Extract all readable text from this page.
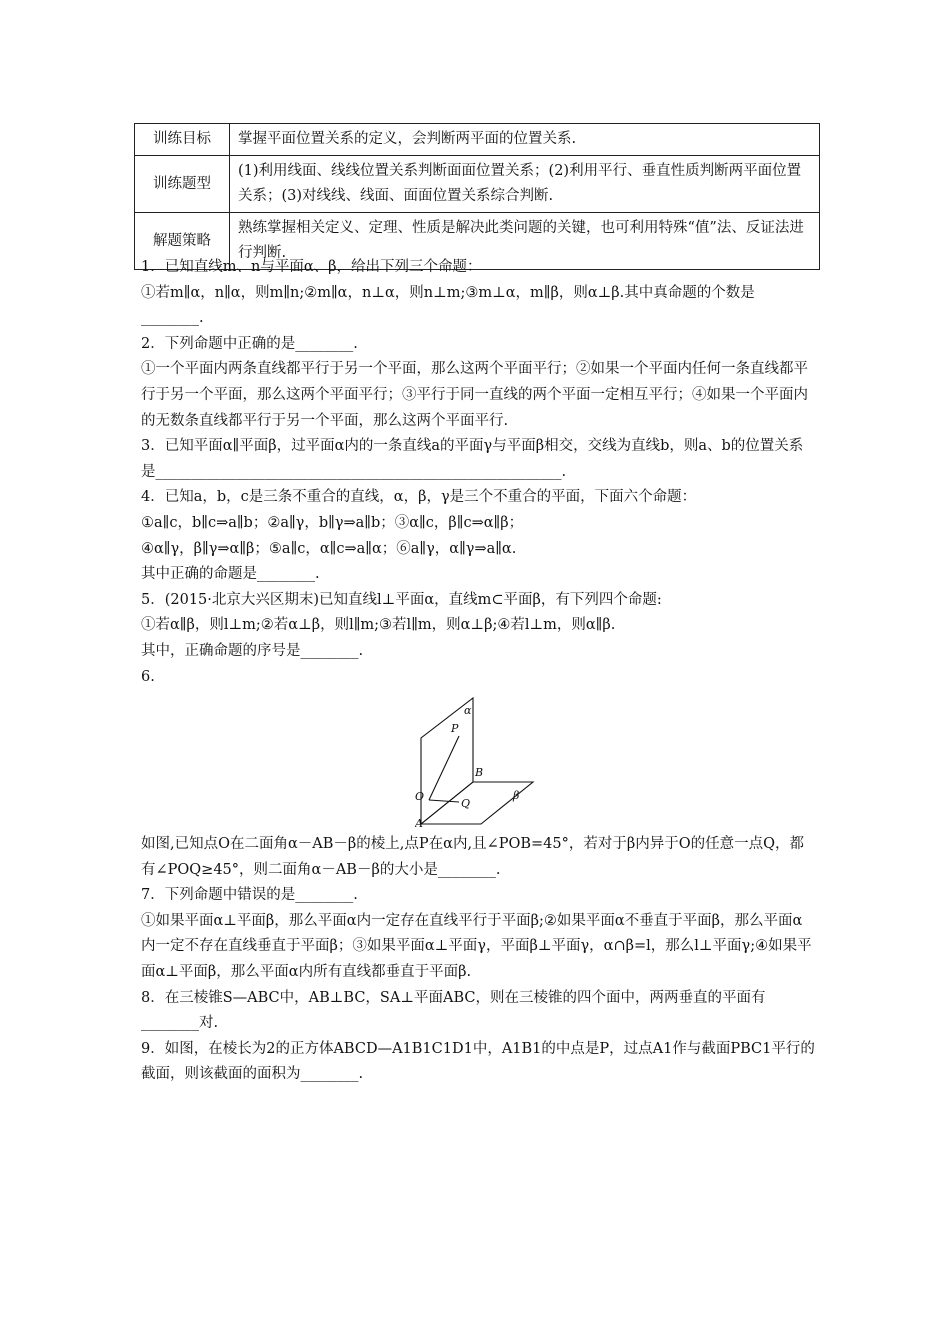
训练目标	掌握平面位置关系的定义，会判断两平面的位置关系.
训练题型	(1)利用线面、线线位置关系判断面面位置关系；(2)利用平行、垂直性质判断两平面位置关系；(3)对线线、线面、面面位置关系综合判断.
解题策略	熟练掌握相关定义、定理、性质是解决此类问题的关键，也可利用特殊“值”法、反证法进行判断.

1．已知直线m、n与平面α、β，给出下列三个命题：

①若m∥α，n∥α，则m∥n;②m∥α，n⊥α，则n⊥m;③m⊥α，m∥β，则α⊥β.其中真命题的个数是________.

2．下列命题中正确的是________.

①一个平面内两条直线都平行于另一个平面，那么这两个平面平行；②如果一个平面内任何一条直线都平行于另一个平面，那么这两个平面平行；③平行于同一直线的两个平面一定相互平行；④如果一个平面内的无数条直线都平行于另一个平面，那么这两个平面平行.

3．已知平面α∥平面β，过平面α内的一条直线a的平面γ与平面β相交，交线为直线b，则a、b的位置关系是________________________________________________________.

4．已知a，b，c是三条不重合的直线，α，β，γ是三个不重合的平面，下面六个命题：

①a∥c，b∥c⇒a∥b；②a∥γ，b∥γ⇒a∥b；③α∥c，β∥c⇒α∥β；

④α∥γ，β∥γ⇒α∥β；⑤a∥c，α∥c⇒a∥α；⑥a∥γ，α∥γ⇒a∥α.

其中正确的命题是________.

5．(2015·北京大兴区期末)已知直线l⊥平面α，直线m⊂平面β，有下列四个命题:

①若α∥β，则l⊥m;②若α⊥β，则l∥m;③若l∥m，则α⊥β;④若l⊥m，则α∥β.

其中，正确命题的序号是________.

6.

α
P
B
β
O
Q
A

如图,已知点O在二面角α－AB－β的棱上,点P在α内,且∠POB=45°，若对于β内异于O的任意一点Q，都有∠POQ≥45°，则二面角α－AB－β的大小是________.

7．下列命题中错误的是________.

①如果平面α⊥平面β，那么平面α内一定存在直线平行于平面β;②如果平面α不垂直于平面β，那么平面α内一定不存在直线垂直于平面β；③如果平面α⊥平面γ，平面β⊥平面γ，α∩β=l，那么l⊥平面γ;④如果平面α⊥平面β，那么平面α内所有直线都垂直于平面β.

8．在三棱锥S—ABC中，AB⊥BC，SA⊥平面ABC，则在三棱锥的四个面中，两两垂直的平面有________对.

9．如图，在棱长为2的正方体ABCD—A1B1C1D1中，A1B1的中点是P，过点A1作与截面PBC1平行的截面，则该截面的面积为________.
